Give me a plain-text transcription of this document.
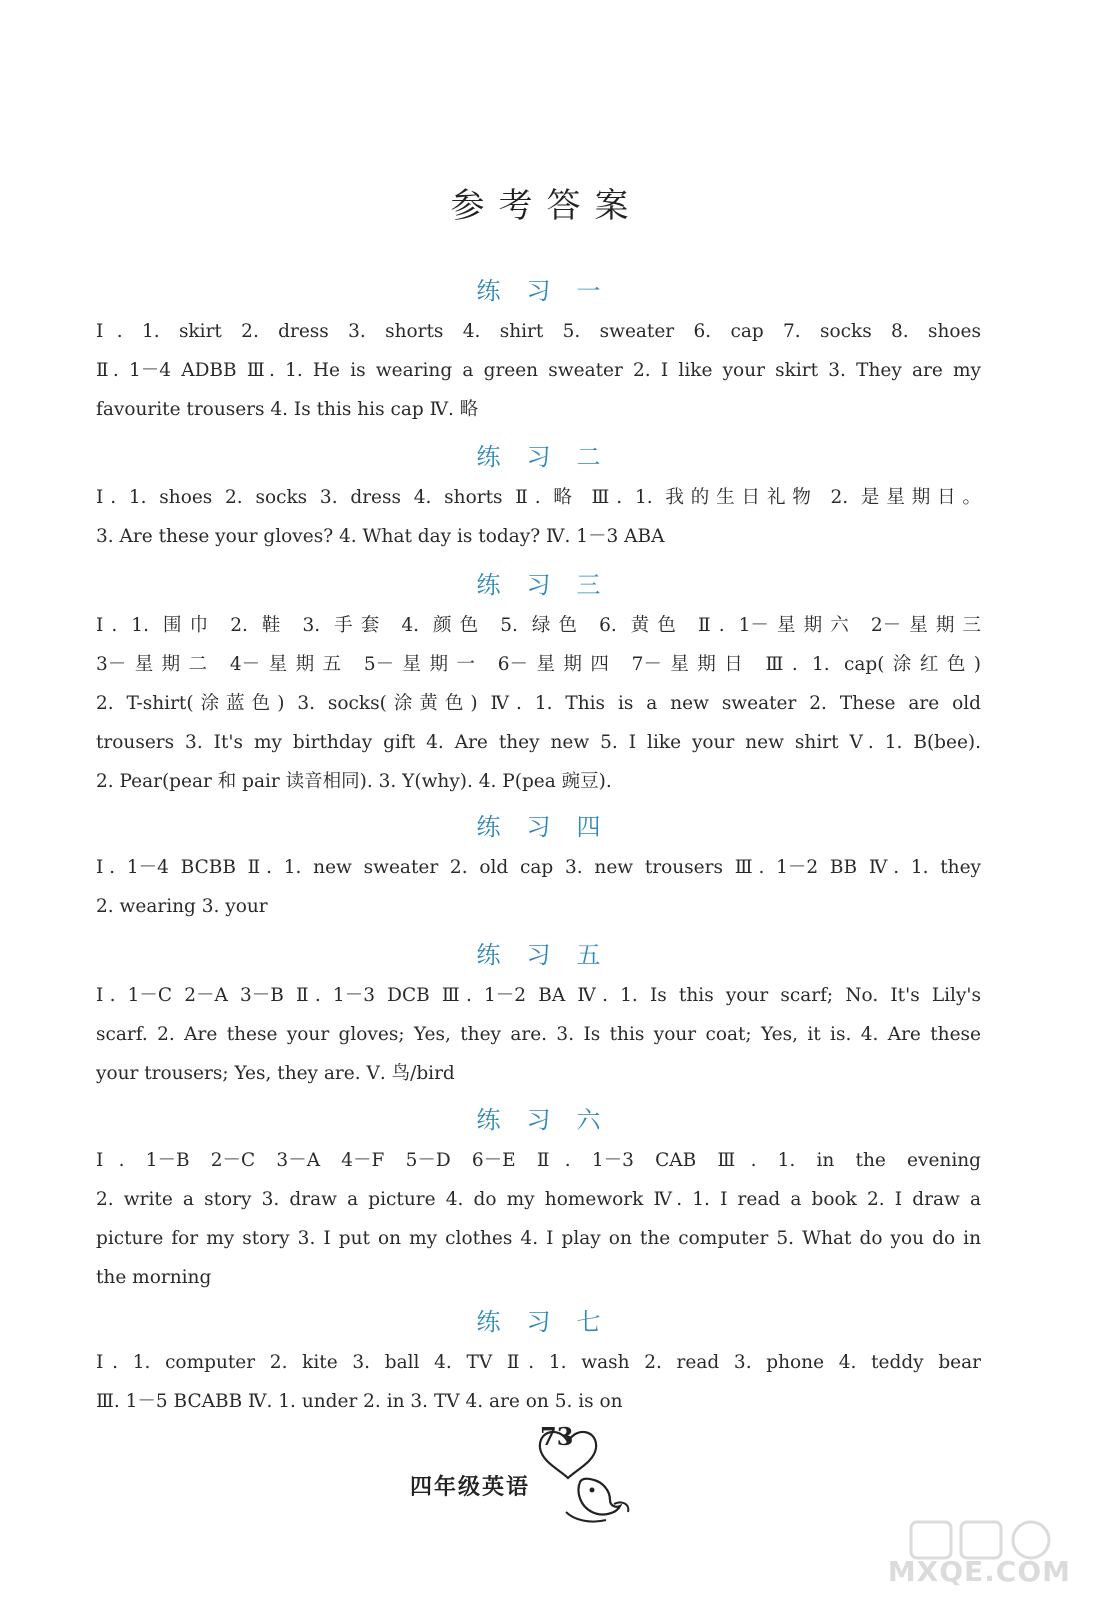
参考答案
练习一
Ⅰ. 1. skirt 2. dress 3. shorts 4. shirt 5. sweater 6. cap 7. socks 8. shoes
Ⅱ. 1－4 ADBB Ⅲ. 1. He is wearing a green sweater 2. I like your skirt 3. They are my
favourite trousers 4. Is this his cap Ⅳ. 略
练习二
Ⅰ. 1. shoes 2. socks 3. dress 4. shorts Ⅱ. 略 Ⅲ. 1. 我的生日礼物 2. 是星期日。
3. Are these your gloves? 4. What day is today? Ⅳ. 1－3 ABA
练习三
Ⅰ. 1. 围巾 2. 鞋 3. 手套 4. 颜色 5. 绿色 6. 黄色 Ⅱ. 1－星期六 2－星期三
3－星期二 4－星期五 5－星期一 6－星期四 7－星期日 Ⅲ. 1. cap(涂红色)
2. T-shirt(涂蓝色) 3. socks(涂黄色) Ⅳ. 1. This is a new sweater 2. These are old
trousers 3. It's my birthday gift 4. Are they new 5. I like your new shirt Ⅴ. 1. B(bee).
2. Pear(pear 和 pair 读音相同). 3. Y(why). 4. P(pea 豌豆).
练习四
Ⅰ. 1－4 BCBB Ⅱ. 1. new sweater 2. old cap 3. new trousers Ⅲ. 1－2 BB Ⅳ. 1. they
2. wearing 3. your
练习五
Ⅰ. 1－C 2－A 3－B Ⅱ. 1－3 DCB Ⅲ. 1－2 BA Ⅳ. 1. Is this your scarf; No. It's Lily's
scarf. 2. Are these your gloves; Yes, they are. 3. Is this your coat; Yes, it is. 4. Are these
your trousers; Yes, they are. Ⅴ. 鸟/bird
练习六
Ⅰ. 1－B 2－C 3－A 4－F 5－D 6－E Ⅱ. 1－3 CAB Ⅲ. 1. in the evening
2. write a story 3. draw a picture 4. do my homework Ⅳ. 1. I read a book 2. I draw a
picture for my story 3. I put on my clothes 4. I play on the computer 5. What do you do in
the morning
练习七
Ⅰ. 1. computer 2. kite 3. ball 4. TV Ⅱ. 1. wash 2. read 3. phone 4. teddy bear
Ⅲ. 1－5 BCABB Ⅳ. 1. under 2. in 3. TV 4. are on 5. is on
73
四年级英语
MXQE.COM
